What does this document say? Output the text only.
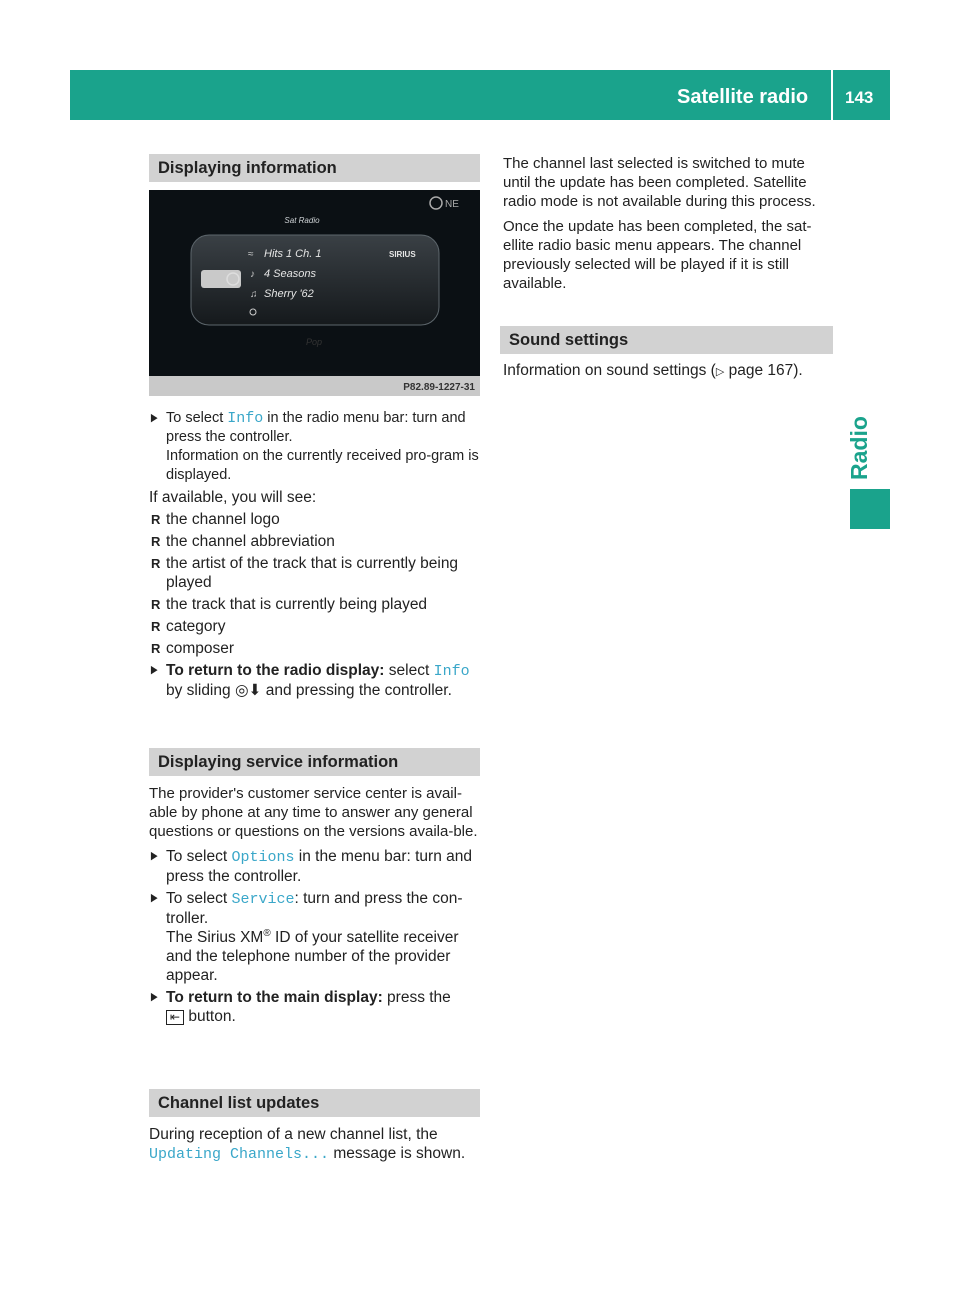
Satellite radio 143
Radio
Displaying information
Sat Radio
NE
Hits 1 Ch. 1
4 Seasons
Sherry '62
SIRIUS
≈
♪
♫
Pop
P82.89-1227-31

▶ To select Info in the radio menu bar: turn and press the controller.
Information on the currently received pro-gram is displayed.

If available, you will see:

R the channel logo

R the channel abbreviation

R the artist of the track that is currently being played

R the track that is currently being played

R category

R composer

▶ To return to the radio display: select Info
by sliding ◎⬇ and pressing the controller.

Displaying service information

The provider's customer service center is avail-able by phone at any time to answer any general questions or questions on the versions availa-ble.

▶ To select Options in the menu bar: turn and press the controller.

▶ To select Service: turn and press the con-troller.
The Sirius XM® ID of your satellite receiver and the telephone number of the provider appear.

▶ To return to the main display: press the
⇤ button.

Channel list updates

During reception of a new channel list, the
Updating Channels... message is shown.

The channel last selected is switched to mute until the update has been completed. Satellite radio mode is not available during this process.

Once the update has been completed, the sat-ellite radio basic menu appears. The channel previously selected will be played if it is still available.

Sound settings

Information on sound settings (▷ page 167).
